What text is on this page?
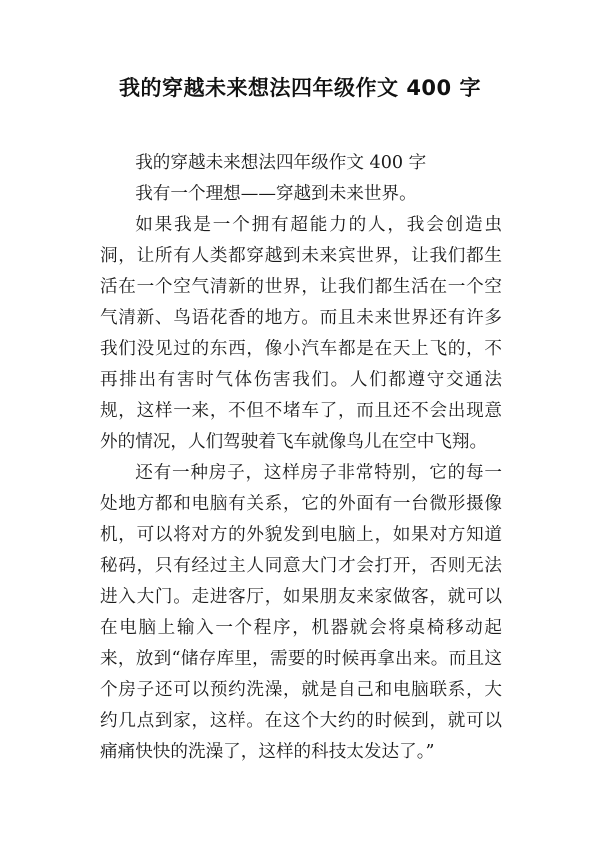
我的穿越未来想法四年级作文 400 字

我的穿越未来想法四年级作文 400 字

我有一个理想——穿越到未来世界。

如果我是一个拥有超能力的人，我会创造虫洞，让所有人类都穿越到未来宾世界，让我们都生活在一个空气清新的世界，让我们都生活在一个空气清新、鸟语花香的地方。而且未来世界还有许多我们没见过的东西，像小汽车都是在天上飞的，不再排出有害时气体伤害我们。人们都遵守交通法规，这样一来，不但不堵车了，而且还不会出现意外的情况，人们驾驶着飞车就像鸟儿在空中飞翔。

还有一种房子，这样房子非常特别，它的每一处地方都和电脑有关系，它的外面有一台微形摄像机，可以将对方的外貌发到电脑上，如果对方知道秘码，只有经过主人同意大门才会打开，否则无法进入大门。走进客厅，如果朋友来家做客，就可以在电脑上输入一个程序，机器就会将桌椅移动起来，放到“储存库里，需要的时候再拿出来。而且这个房子还可以预约洗澡，就是自己和电脑联系，大约几点到家，这样。在这个大约的时候到，就可以痛痛快快的洗澡了，这样的科技太发达了。”
